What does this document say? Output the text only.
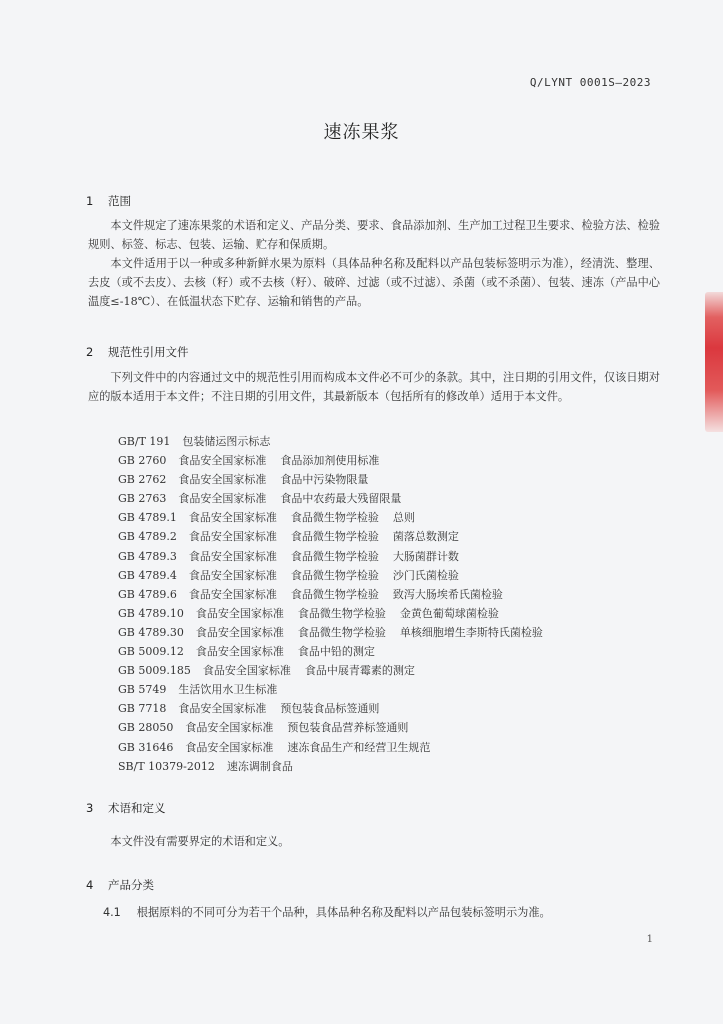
Q/LYNT 0001S—2023
速冻果浆
1 范围

本文件规定了速冻果浆的术语和定义、产品分类、要求、食品添加剂、生产加工过程卫生要求、检验方法、检验规则、标签、标志、包装、运输、贮存和保质期。

本文件适用于以一种或多种新鲜水果为原料（具体品种名称及配料以产品包装标签明示为准），经清洗、整理、去皮（或不去皮）、去核（籽）或不去核（籽）、破碎、过滤（或不过滤）、杀菌（或不杀菌）、包装、速冻（产品中心温度≤-18℃）、在低温状态下贮存、运输和销售的产品。

2 规范性引用文件

下列文件中的内容通过文中的规范性引用而构成本文件必不可少的条款。其中，注日期的引用文件，仅该日期对应的版本适用于本文件；不注日期的引用文件，其最新版本（包括所有的修改单）适用于本文件。

GB/T 191 包装储运图示标志
GB 2760 食品安全国家标准 食品添加剂使用标准
GB 2762 食品安全国家标准 食品中污染物限量
GB 2763 食品安全国家标准 食品中农药最大残留限量
GB 4789.1 食品安全国家标准 食品微生物学检验 总则
GB 4789.2 食品安全国家标准 食品微生物学检验 菌落总数测定
GB 4789.3 食品安全国家标准 食品微生物学检验 大肠菌群计数
GB 4789.4 食品安全国家标准 食品微生物学检验 沙门氏菌检验
GB 4789.6 食品安全国家标准 食品微生物学检验 致泻大肠埃希氏菌检验
GB 4789.10 食品安全国家标准 食品微生物学检验 金黄色葡萄球菌检验
GB 4789.30 食品安全国家标准 食品微生物学检验 单核细胞增生李斯特氏菌检验
GB 5009.12 食品安全国家标准 食品中铅的测定
GB 5009.185 食品安全国家标准 食品中展青霉素的测定
GB 5749 生活饮用水卫生标准
GB 7718 食品安全国家标准 预包装食品标签通则
GB 28050 食品安全国家标准 预包装食品营养标签通则
GB 31646 食品安全国家标准 速冻食品生产和经营卫生规范
SB/T 10379-2012 速冻调制食品
3 术语和定义

本文件没有需要界定的术语和定义。

4 产品分类
4.1 根据原料的不同可分为若干个品种，具体品种名称及配料以产品包装标签明示为准。
1
